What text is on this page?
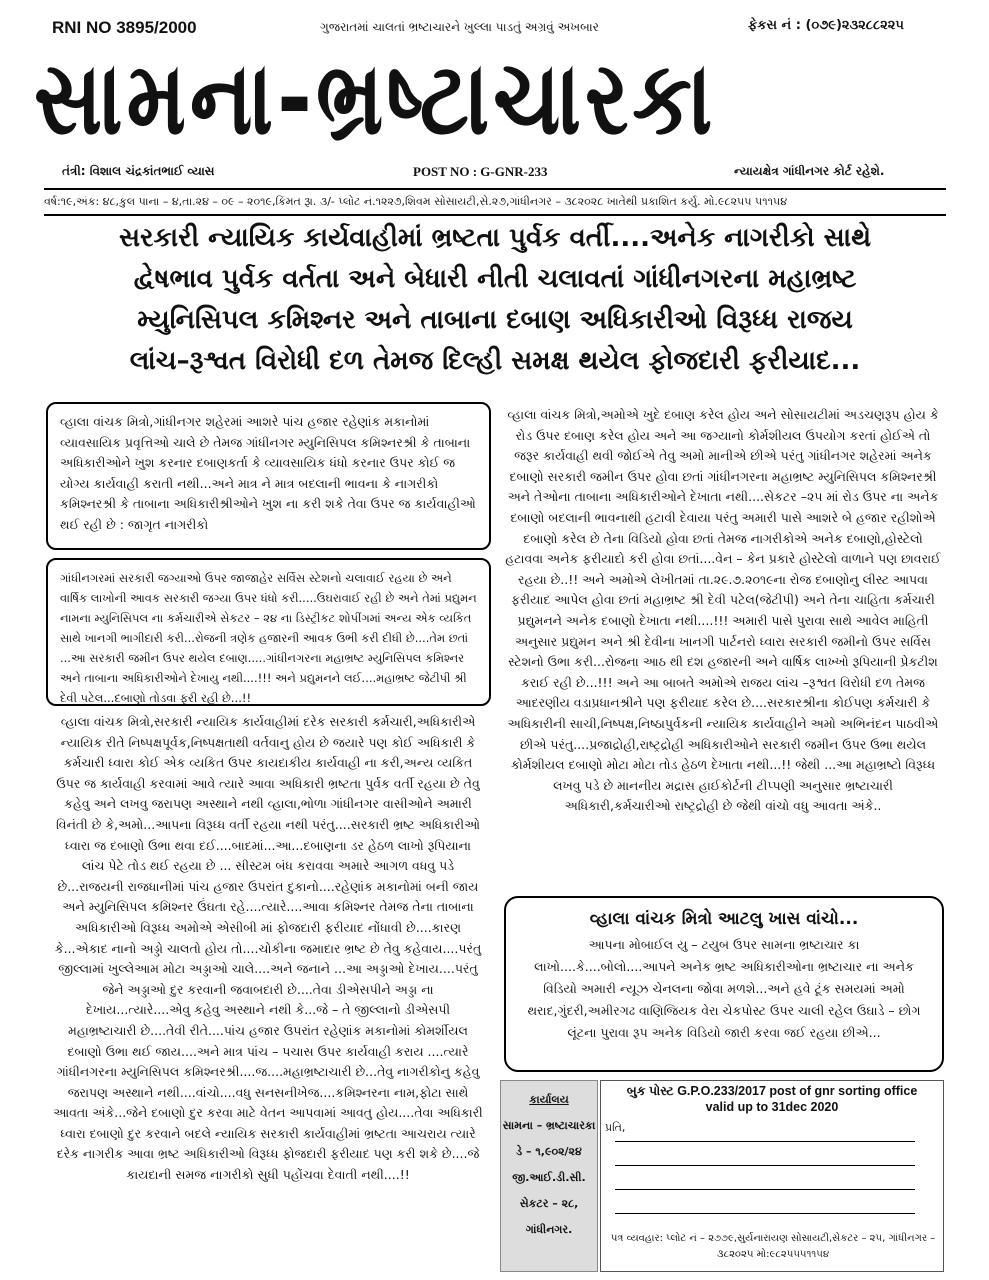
RNI NO 3895/2000	ગુજરાતમાં ચાલતાં ભ્રષ્ટાચારને ખુલ્લા પાડતું અગ્રવું અખબાર	ફેકસ નં : (૦૭૯)૨૩૨૮૮૨૨૫
સામના-ભ્રષ્ટાચારકા
તંત્રી: વિશાલ ચંદ્રકાંતભાઈ વ્યાસ	POST NO : G-GNR-233	ન્યાયક્ષેત્ર ગાંધીનગર કોર્ટ રહેશે.
વર્ષ:૧૯,અંક: ૪૮,કુલ પાના – ૪,તા.૨૪ – ૦૯ – ૨૦૧૯,કિંમત રૂા. ૩/- પ્લોટ નં.૧૨૨૭,શિવમ સોસાયટી,સે.૨૭,ગાંધીનગર – ૩૮૨૦૨૮ ખાતેથી પ્રકાશિત કર્યુ. મો.૯૮૨૫૫ ૫૧૧૫૪
સરકારી ન્યાયિક કાર્યવાહીમાં ભ્રષ્ટતા પુર્વક વર્તી....અનેક નાગરીકો સાથે
દ્વેષભાવ પુર્વક વર્તતા અને બેધારી નીતી ચલાવતાં ગાંધીનગરના મહાભ્રષ્ટ
મ્યુનિસિપલ કમિશ્નર અને તાબાના દબાણ અધિકારીઓ વિરૂધ્ધ રાજય
લાંચ–રૂશ્વત વિરોધી દળ તેમજ દિલ્હી સમક્ષ થયેલ ફોજદારી ફરીયાદ...
વ્હાલા વાંચક મિત્રો,ગાંધીનગર શહેરમાં આશરે પાંચ હજાર રહેણાંક મકાનોમાં વ્યાવસાયિક પ્રવૃત્તિઓ ચાલે છે તેમજ ગાંધીનગર મ્યુનિસિપલ કમિશ્નરશ્રી કે તાબાના અધિકારીઓને ખુશ કરનાર દબાણકર્તા કે વ્યાવસાયિક ધંધો કરનાર ઉપર કોઈ જ યોગ્ય કાર્યવાહી કરાતી નથી...અને માત્ર ને માત્ર બદલાની ભાવના કે નાગરીકો કમિશ્નરશ્રી કે તાબાના અધિકારીશ્રીઓને ખુશ ના કરી શકે તેવા ઉપર જ કાર્યવાહીઓ થઈ રહી છે : જાગૃત નાગરીકો
ગાંધીનગરમાં સરકારી જગ્યાઓ ઉપર જાજાહેર સર્વિસ સ્ટેશનો ચલાવાઈ રહયા છે અને વાર્ષિક લાખોની આવક સરકારી જગ્યા ઉપર ધંધો કરી.....ઉઘરાવાઈ રહી છે અને તેમાં પ્રદ્યુમન નામના મ્યુનિસિપલ ના કર્મચારીએ સેકટર – ૨૪ ના ડિસ્ટ્રીકટ શોપીંગમાં અન્ય એક વ્યકિત સાથે ખાનગી ભાગીદારી કરી...રોજની ત્રણેક હજારની આવક ઉભી કરી દીધી છે....તેમ છતાં ...આ સરકારી જમીન ઉપર થયેલ દબાણ.....ગાંધીનગરના મહાભ્રષ્ટ મ્યુનિસિપલ કમિશ્નર અને તાબાના અધિકારીઓને દેખાયુ નથી....!!! અને પ્રદ્યુમનને લઈ....મહાભ્રષ્ટ જેટીપી શ્રી દેવી પટેલ...દબાણો તોડવા ફરી રહી છે...!!
વ્હાલા વાંચક મિત્રો,સરકારી ન્યાયિક કાર્યવાહીમાં દરેક સરકારી કર્મચારી,અધિકારીએ ન્યાયિક રીતે નિષ્પક્ષપૂર્વક,નિષ્પક્ષતાથી વર્તવાનુ હોય છે જયારે પણ કોઈ અધિકારી કે કર્મચારી ધ્વારા કોઈ એક વ્યકિત ઉપર કાયદાકીય કાર્યવાહી ના કરી,અન્ય વ્યકિત ઉપર જ કાર્યવાહી કરવામાં આવે ત્યારે આવા અધિકારી ભ્રષ્ટતા પુર્વક વર્તી રહયા છે તેવુ કહેવુ અને લખવુ જરાપણ અસ્થાને નથી વ્હાલા,ભોળા ગાંધીનગર વાસીઓને અમારી વિનંતી છે કે,અમો...આપના વિરૂધ્ધ વર્તી રહયા નથી પરંતુ....સરકારી ભ્રષ્ટ અધિકારીઓ ધ્વારા જ દબાણો ઉભા થવા દઈ....બાદમાં...આ...દબાણના ડર હેઠળ લાખો રૂપિયાના લાંચ પેટે તોડ થઈ રહયા છે ... સીસ્ટમ બંધ કરાવવા અમારે આગળ વધવુ પડે છે...રાજયની રાજધાનીમાં પાંચ હજાર ઉપરાંત દુકાનો....રહેણાંક મકાનોમાં બની જાય અને મ્યુનિસિપલ કમિશ્નર ઉંઘતા રહે....ત્યારે....આવા કમિશ્નર તેમજ તેના તાબાના અધિકારીઓ વિરૂધ્ધ અમોએ એસીબી માં ફોજદારી ફરીયાદ નોંધાવી છે....કારણ કે...એકાદ નાનો અડ્ડો ચાલતો હોય તો....ચોકીના જમાદાર ભ્રષ્ટ છે તેવુ કહેવાય....પરંતુ જીલ્લામાં ખુલ્લેઆમ મોટા અડ્ડાઓ ચાલે....અને જનાને ...આ અડ્ડાઓ દેખાય....પરંતુ જેને અડ્ડાઓ દુર કરવાની જવાબદારી છે....તેવા ડીએસપીને અડ્ડા ના દેખાય...ત્યારે....એવુ કહેવુ અસ્થાને નથી કે...જે – તે જીલ્લાનો ડીએસપી મહાભ્રષ્ટાચારી છે....તેવી રીતે....પાંચ હજાર ઉપરાંત રહેણાંક મકાનોમાં કોમર્શીયલ દબાણો ઉભા થઈ જાય....અને માત્ર પાંચ – પચાસ ઉપર કાર્યવાહી કરાય ....ત્યારે ગાંધીનગરના મ્યુનિસિપલ કમિશ્નરશ્રી....જ....મહાભ્રષ્ટાચારી છે...તેવુ નાગરીકોનુ કહેવુ જરાપણ અસ્થાને નથી....વાંચો....વધુ સનસનીખેજ....કમિશ્નરના નામ,ફોટા સાથે આવતા અંકે...જેને દબાણો દુર કરવા માટે વેતન આપવામાં આવતુ હોય....તેવા અધિકારી ધ્વારા દબાણો દુર કરવાને બદલે ન્યાયિક સરકારી કાર્યવાહીમાં ભ્રષ્ટતા આચરાય ત્યારે દરેક નાગરીક આવા ભ્રષ્ટ અધિકારીઓ વિરૂધ્ધ ફોજદારી ફરીયાદ પણ કરી શકે છે....જે કાયદાની સમજ નાગરીકો સુધી પહોંચવા દેવાતી નથી....!!
વ્હાલા વાંચક મિત્રો,અમોએ ખુદે દબાણ કરેલ હોય અને સોસાયટીમાં અડચણરૂપ હોય કે રોડ ઉપર દબાણ કરેલ હોય અને આ જગ્યાનો કોર્મશીયલ ઉપયોગ કરતાં હોઈએ તો જરૂર કાર્યવાહી થવી જોઈએ તેવુ અમો માનીએ છીએ પરંતુ ગાંધીનગર શહેરમાં અનેક દબાણો સરકારી જમીન ઉપર હોવા છતાં ગાંધીનગરના મહાભ્રષ્ટ મ્યુનિસિપલ કમિશ્નરશ્રી અને તેઓના તાબાના અધિકારીઓને દેખાતા નથી....સેકટર –૨૫ માં રોડ ઉપર ના અનેક દબાણો બદલાની ભાવનાથી હટાવી દેવાયા પરંતુ અમારી પાસે આશરે બે હજાર રહીશોએ દબાણો કરેલ છે તેના વિડિયો હોવા છતાં તેમજ નાગરીકોએ અનેક દબાણો,હોસ્ટેલો હટાવવા અનેક ફરીયાદો કરી હોવા છતાં....વેન – કેન પ્રકારે હોસ્ટેલો વાળાને પણ છાવરાઈ રહયા છે..!! અને અમોએ લેખીતમાં તા.૨૯.૭.૨૦૧૯ના રોજ દબાણોનુ લીસ્ટ આપવા ફરીયાદ આપેલ હોવા છતાં મહાભ્રષ્ટ શ્રી દેવી પટેલ(જેટીપી) અને તેના ચાહિતા કર્મચારી પ્રદ્યુમનને અનેક દબાણો દેખાતા નથી....!!! અમારી પાસે પુરાવા સાથે આવેલ માહિતી અનુસાર પ્રદ્યુમન અને શ્રી દેવીના ખાનગી પાર્ટનરો ધ્વારા સરકારી જમીનો ઉપર સર્વિસ સ્ટેશનો ઉભા કરી...રોજના આઠ થી દશ હજારની અને વાર્ષિક લાખ્ખો રૂપિયાની પ્રેકટીશ કરાઈ રહી છે...!!! અને આ બાબતે અમોએ રાજય લાંચ –રૂશ્વત વિરોધી દળ તેમજ આદરણીય વડાપ્રધાનશ્રીને પણ ફરીયાદ કરેલ છે....સરકારશ્રીના કોઈપણ કર્મચારી કે અધિકારીની સાચી,નિષ્પક્ષ,નિષ્ઠાપુર્વકની ન્યાયિક કાર્યવાહીને અમો અભિનંદન પાઠવીએ છીએ પરંતુ....પ્રજાદ્રોહી,રાષ્ટ્રદ્રોહી અધિકારીઓને સરકારી જમીન ઉપર ઉભા થયેલ કોર્મશીયલ દબાણો મોટા મોટા તોડ હેઠળ દેખાતા નથી...!! જેથી ...આ મહાભ્રષ્ટો વિરૂધ્ધ લખવુ પડે છે માનનીય મદ્રાસ હાઈકોર્ટની ટીપ્પણી અનુસાર ભ્રષ્ટાચારી અધિકારી,કર્મચારીઓ રાષ્ટ્રદ્રોહી છે જેથી વાંચો વધુ આવતા અંકે..
વ્હાલા વાંચક મિત્રો આટલુ ખાસ વાંચો...
આપના મોબાઈલ યુ – ટયુબ ઉપર સામના ભ્રષ્ટાચાર કા લાખો....કે....બોલો....આપને અનેક ભ્રષ્ટ અધિકારીઓના ભ્રષ્ટાચાર ના અનેક વિડિયો અમારી ન્યૂઝ ચેનલના જોવા મળશે...અને હવે ટૂંક સમયમાં અમો થરાદ,ગુંદરી,અમીરગઢ વાણિજિયક વેરા ચેકપોસ્ટ ઉપર ચાલી રહેલ ઉઘાડે – છોગ લૂંટના પુરાવા રૂપ અનેક વિડિયો જારી કરવા જઈ રહયા છીએ...
કાર્યાલય
સામના – ભ્રષ્ટાચારકા
ડે – ૧,૯૦૨/૨૪
જી.આઈ.ડી.સી.
સેકટર – ૨૮,
ગાંધીનગર.
બુક પોસ્ટ G.P.O.233/2017 post of gnr sorting office
valid up to 31dec 2020
પ્રતિ,
પત્ર વ્યવહાર: પ્લોટ નં – ૨૭૭૯,સુર્યનારાયણ સોસાયટી,સેકટર – ૨૫, ગાંધીનગર – ૩૮૨૦૨૫ મો:૯૮૨૫૫૫૧૧૫૪
